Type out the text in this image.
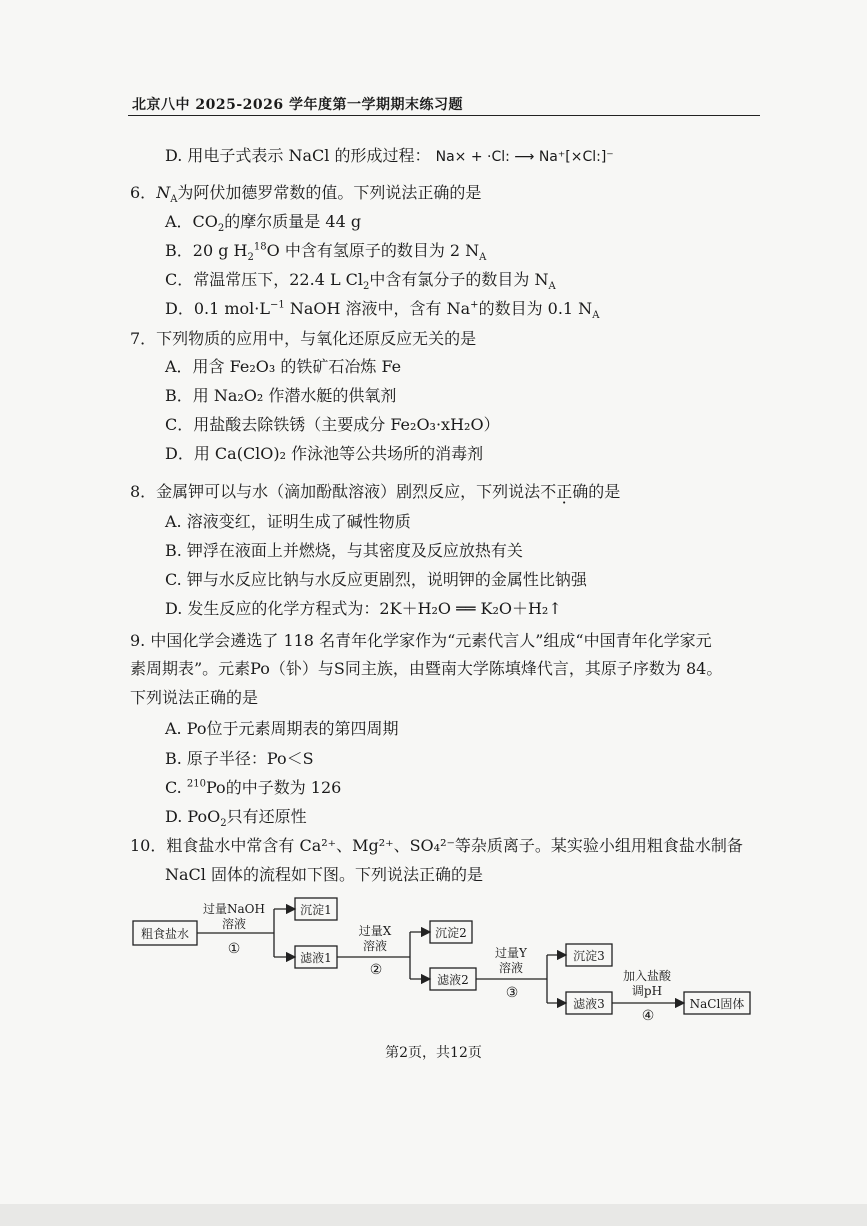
北京八中 2025-2026 学年度第一学期期末练习题
D. 用电子式表示 NaCl 的形成过程： Na× + ·Cl: ⟶ Na⁺[×Cl:]⁻
6．$N_A$为阿伏加德罗常数的值。下列说法正确的是
A．$CO_2$的摩尔质量是 44 g
B．20 g $H_2^{18}O$ 中含有氢原子的数目为 2 $N_A$
C．常温常压下，22.4 L $Cl_2$中含有氯分子的数目为 $N_A$
D．0.1 $mol\cdot L^{-1}$ NaOH 溶液中，含有 Na+的数目为 0.1 $N_A$
7．下列物质的应用中，与氧化还原反应无关的是
A．用含 Fe₂O₃ 的铁矿石冶炼 Fe
B．用 Na₂O₂ 作潜水艇的供氧剂
C．用盐酸去除铁锈（主要成分 Fe₂O₃·xH₂O）
D．用 Ca(ClO)₂ 作泳池等公共场所的消毒剂
8．金属钾可以与水（滴加酚酞溶液）剧烈反应，下列说法不正确的是
A. 溶液变红，证明生成了碱性物质
B. 钾浮在液面上并燃烧，与其密度及反应放热有关
C. 钾与水反应比钠与水反应更剧烈，说明钾的金属性比钠强
D. 发生反应的化学方程式为：2K＋H₂O ══ K₂O＋H₂↑
9. 中国化学会遴选了 118 名青年化学家作为“元素代言人”组成“中国青年化学家元
素周期表”。元素Po（钋）与S同主族，由暨南大学陈填烽代言，其原子序数为 84。
下列说法正确的是
A. Po位于元素周期表的第四周期
B. 原子半径：Po＜S
C. $^{210}$Po的中子数为 126
D. PoO$_2$只有还原性
10．粗食盐水中常含有 Ca²⁺、Mg²⁺、SO₄²⁻等杂质离子。某实验小组用粗食盐水制备
NaCl 固体的流程如下图。下列说法正确的是
粗食盐水
过量NaOH
溶液
①
沉淀1
滤液1
过量X
溶液
②
沉淀2
滤液2
过量Y
溶液
③
沉淀3
滤液3
加入盐酸
调pH
④
NaCl固体
第2页，共12页
